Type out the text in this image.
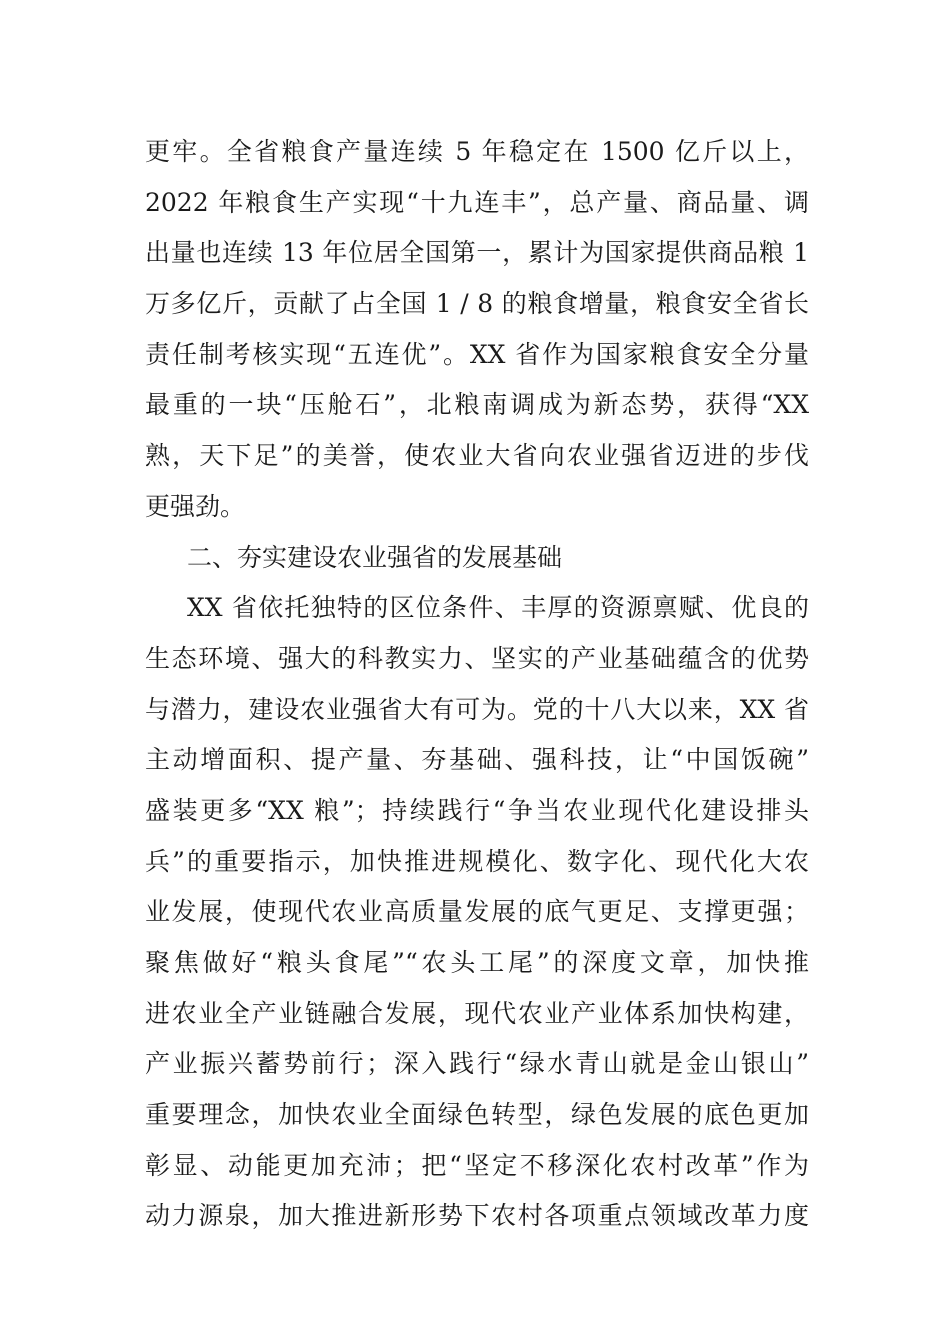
更牢。全省粮食产量连续 5 年稳定在 1500 亿斤以上，
2022 年粮食生产实现“十九连丰”，总产量、商品量、调
出量也连续 13 年位居全国第一，累计为国家提供商品粮 1
万多亿斤，贡献了占全国 1 / 8 的粮食增量，粮食安全省长
责任制考核实现“五连优”。XX 省作为国家粮食安全分量
最重的一块“压舱石”，北粮南调成为新态势，获得“XX
熟，天下足”的美誉，使农业大省向农业强省迈进的步伐
更强劲。
二、夯实建设农业强省的发展基础
XX 省依托独特的区位条件、丰厚的资源禀赋、优良的
生态环境、强大的科教实力、坚实的产业基础蕴含的优势
与潜力，建设农业强省大有可为。党的十八大以来，XX 省
主动增面积、提产量、夯基础、强科技，让“中国饭碗”
盛装更多“XX 粮”；持续践行“争当农业现代化建设排头
兵”的重要指示，加快推进规模化、数字化、现代化大农
业发展，使现代农业高质量发展的底气更足、支撑更强；
聚焦做好“粮头食尾”“农头工尾”的深度文章，加快推
进农业全产业链融合发展，现代农业产业体系加快构建，
产业振兴蓄势前行；深入践行“绿水青山就是金山银山”
重要理念，加快农业全面绿色转型，绿色发展的底色更加
彰显、动能更加充沛；把“坚定不移深化农村改革”作为
动力源泉，加大推进新形势下农村各项重点领域改革力度
